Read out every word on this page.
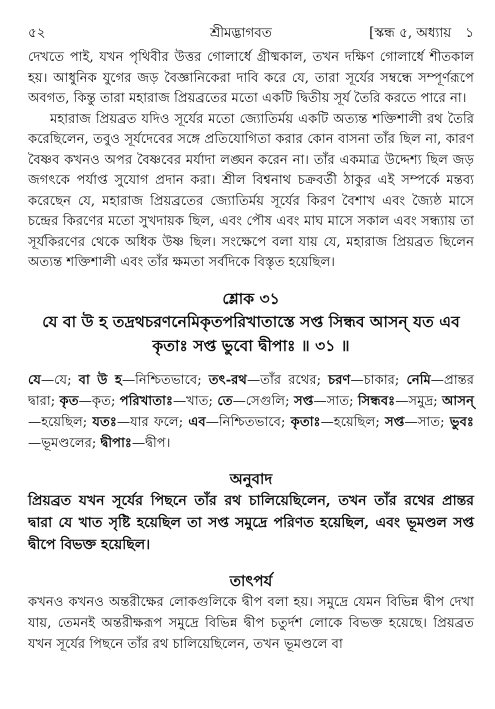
৫২	শ্রীমদ্ভাগবত	[স্কন্ধ ৫, অধ্যায় ১

দেখতে পাই, যখন পৃথিবীর উত্তর গোলার্ধে গ্রীষ্মকাল, তখন দক্ষিণ গোলার্ধে শীতকাল হয়। আধুনিক যুগের জড় বৈজ্ঞানিকেরা দাবি করে যে, তারা সূর্যের সম্বন্ধে সম্পূর্ণরূপে অবগত, কিন্তু তারা মহারাজ প্রিয়ব্রতের মতো একটি দ্বিতীয় সূর্য তৈরি করতে পারে না।

মহারাজ প্রিয়ব্রত যদিও সূর্যের মতো জ্যোতির্ময় একটি অত্যন্ত শক্তিশালী রথ তৈরি করেছিলেন, তবুও সূর্যদেবের সঙ্গে প্রতিযোগিতা করার কোন বাসনা তাঁর ছিল না, কারণ বৈষ্ণব কখনও অপর বৈষ্ণবের মর্যাদা লঙ্ঘন করেন না। তাঁর একমাত্র উদ্দেশ্য ছিল জড় জগৎকে পর্যাপ্ত সুযোগ প্রদান করা। শ্রীল বিশ্বনাথ চক্রবর্তী ঠাকুর এই সম্পর্কে মন্তব্য করেছেন যে, মহারাজ প্রিয়ব্রতের জ্যোতির্ময় সূর্যের কিরণ বৈশাখ এবং জ্যৈষ্ঠ মাসে চন্দ্রের কিরণের মতো সুখদায়ক ছিল, এবং পৌষ এবং মাঘ মাসে সকাল এবং সন্ধ্যায় তা সূর্যকিরণের থেকে অধিক উষ্ণ ছিল। সংক্ষেপে বলা যায় যে, মহারাজ প্রিয়ব্রত ছিলেন অত্যন্ত শক্তিশালী এবং তাঁর ক্ষমতা সর্বদিকে বিস্তৃত হয়েছিল।

শ্লোক ৩১
যে বা উ হ তদ্রথচরণনেমিকৃতপরিখাতাস্তে সপ্ত সিন্ধব আসন্‌ যত এব
কৃতাঃ সপ্ত ভুবো দ্বীপাঃ ॥ ৩১ ॥

যে—যে; বা উ হ—নিশ্চিতভাবে; তৎ-রথ—তাঁর রথের; চরণ—চাকার; নেমি—প্রান্তর দ্বারা; কৃত—কৃত; পরিখাতাঃ—খাত; তে—সেগুলি; সপ্ত—সাত; সিন্ধবঃ—সমুদ্র; আসন্‌—হয়েছিল; যতঃ—যার ফলে; এব—নিশ্চিতভাবে; কৃতাঃ—হয়েছিল; সপ্ত—সাত; ভুবঃ—ভূমণ্ডলের; দ্বীপাঃ—দ্বীপ।

অনুবাদ

প্রিয়ব্রত যখন সূর্যের পিছনে তাঁর রথ চালিয়েছিলেন, তখন তাঁর রথের প্রান্তর দ্বারা যে খাত সৃষ্টি হয়েছিল তা সপ্ত সমুদ্রে পরিণত হয়েছিল, এবং ভূমণ্ডল সপ্ত দ্বীপে বিভক্ত হয়েছিল।

তাৎপর্য

কখনও কখনও অন্তরীক্ষের লোকগুলিকে দ্বীপ বলা হয়। সমুদ্রে যেমন বিভিন্ন দ্বীপ দেখা যায়, তেমনই অন্তরীক্ষরূপ সমুদ্রে বিভিন্ন দ্বীপ চতুর্দশ লোকে বিভক্ত হয়েছে। প্রিয়ব্রত যখন সূর্যের পিছনে তাঁর রথ চালিয়েছিলেন, তখন ভূমণ্ডলে বা
